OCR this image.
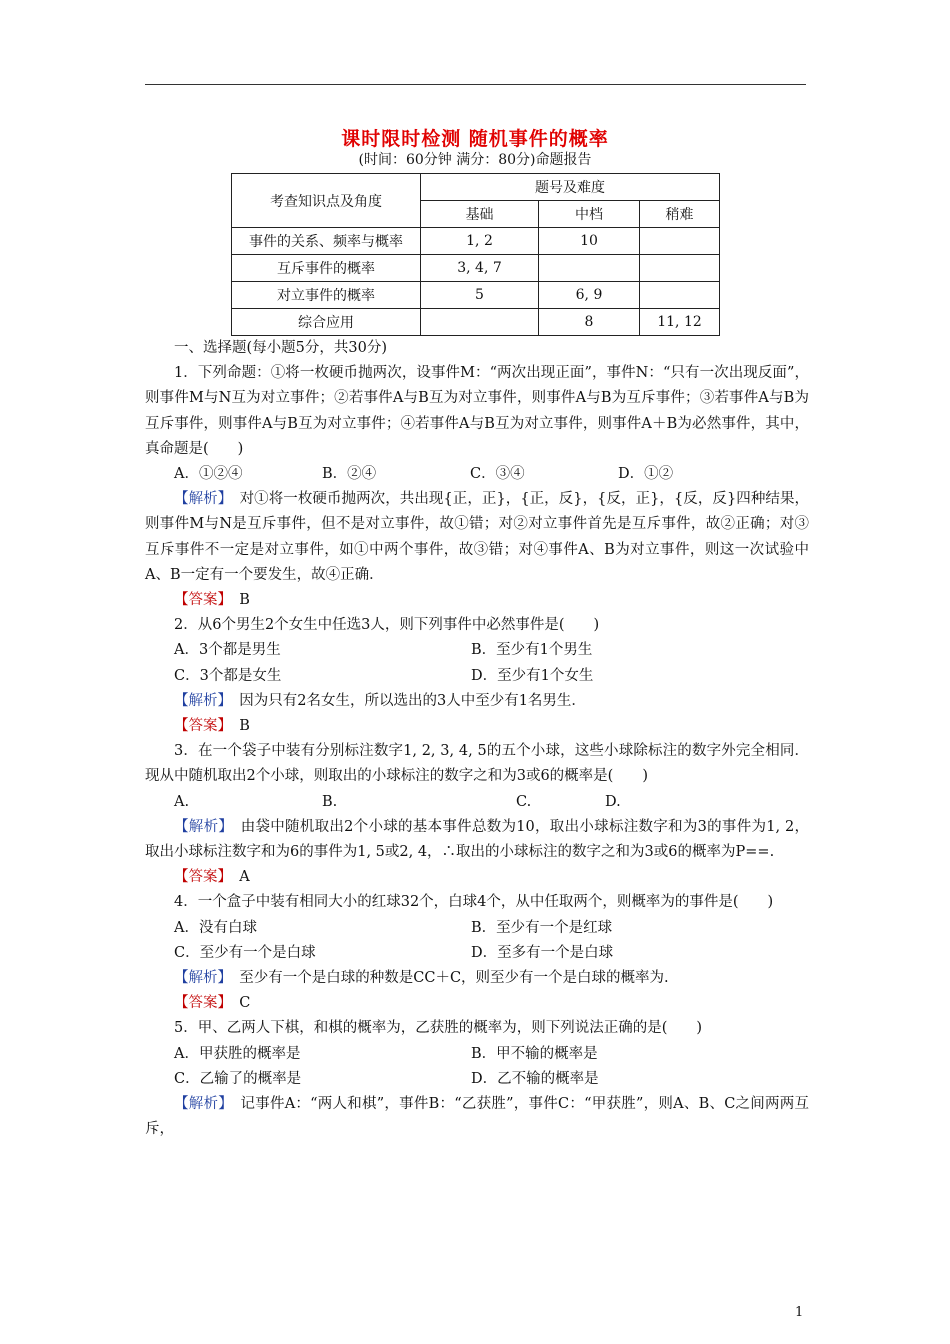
课时限时检测 随机事件的概率
(时间：60分钟 满分：80分)命题报告
考查知识点及角度	题号及难度		
	基础	中档	稍难
事件的关系、频率与概率	1, 2	10	
互斥事件的概率	3, 4, 7		
对立事件的概率	5	6, 9	
综合应用		8	11, 12

一、选择题(每小题5分，共30分)

1．下列命题：①将一枚硬币抛两次，设事件M：“两次出现正面”，事件N：“只有一次出现反面”，则事件M与N互为对立事件；②若事件A与B互为对立事件，则事件A与B为互斥事件；③若事件A与B为互斥事件，则事件A与B互为对立事件；④若事件A与B互为对立事件，则事件A＋B为必然事件，其中，真命题是(　　)

A．①②④	B．②④	C．③④	D．①②

【解析】　 对①将一枚硬币抛两次，共出现{正，正}，{正，反}，{反，正}，{反，反}四种结果，则事件M与N是互斥事件，但不是对立事件，故①错；对②对立事件首先是互斥事件，故②正确；对③互斥事件不一定是对立事件，如①中两个事件，故③错；对④事件A、B为对立事件，则这一次试验中A、B一定有一个要发生，故④正确．

【答案】　 B

2．从6个男生2个女生中任选3人，则下列事件中必然事件是(　　)

A．3个都是男生	B．至少有1个男生
C．3个都是女生	D．至少有1个女生

【解析】　 因为只有2名女生，所以选出的3人中至少有1名男生．

【答案】　 B

3．在一个袋子中装有分别标注数字1, 2, 3, 4, 5的五个小球，这些小球除标注的数字外完全相同．现从中随机取出2个小球，则取出的小球标注的数字之和为3或6的概率是(　　)

A.	B.	C.	D.

【解析】　 由袋中随机取出2个小球的基本事件总数为10，取出小球标注数字和为3的事件为1, 2，取出小球标注数字和为6的事件为1, 5或2, 4，∴取出的小球标注的数字之和为3或6的概率为P==.

【答案】　 A

4．一个盒子中装有相同大小的红球32个，白球4个，从中任取两个，则概率为的事件是(　　)

A．没有白球	B．至少有一个是红球
C．至少有一个是白球	D．至多有一个是白球

【解析】　 至少有一个是白球的种数是CC＋C，则至少有一个是白球的概率为.

【答案】　 C

5．甲、乙两人下棋，和棋的概率为，乙获胜的概率为，则下列说法正确的是(　　)

A．甲获胜的概率是	B．甲不输的概率是
C．乙输了的概率是	D．乙不输的概率是

【解析】　 记事件A：“两人和棋”，事件B：“乙获胜”，事件C：“甲获胜”，则A、B、C之间两两互斥，

1
